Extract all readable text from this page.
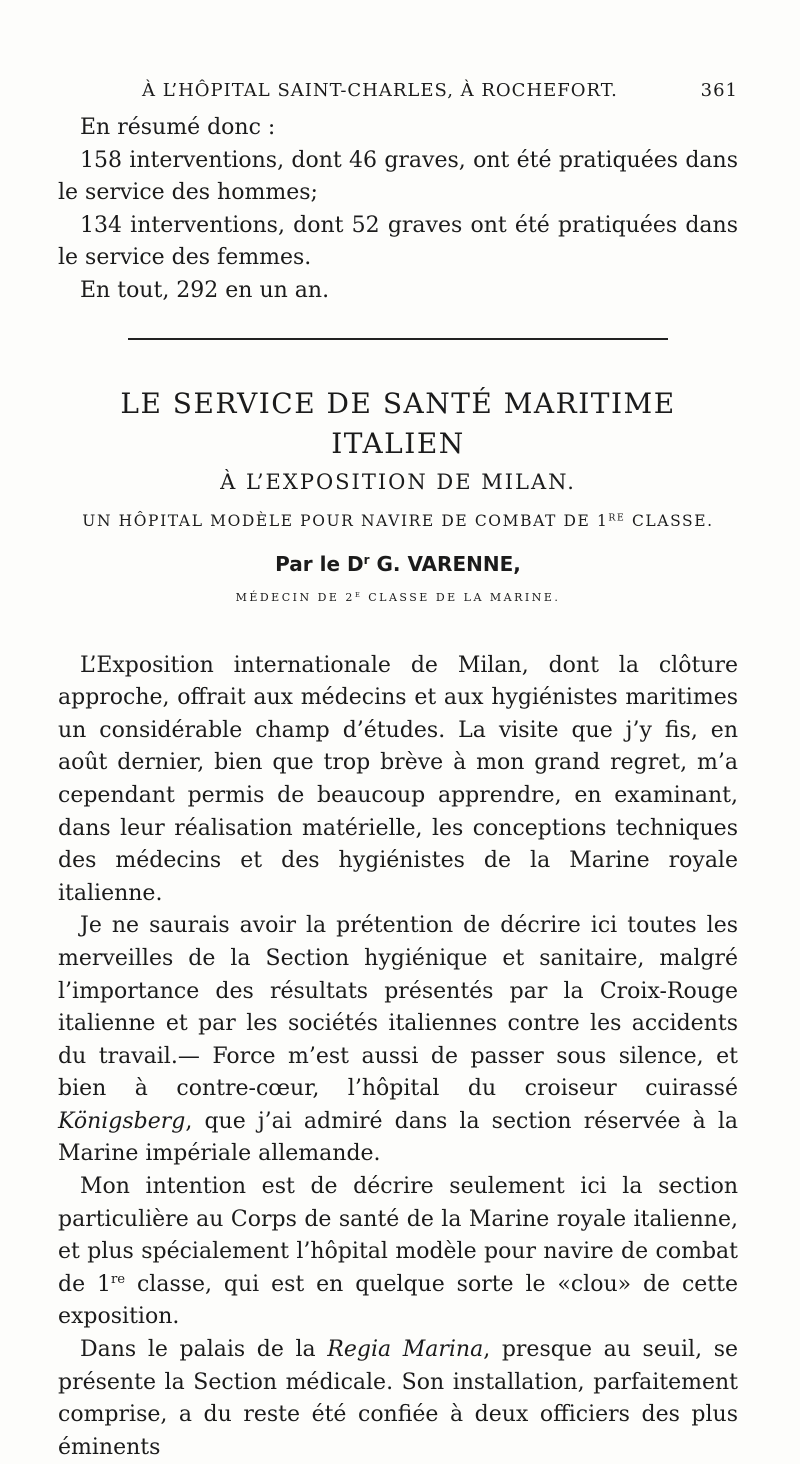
À L’HÔPITAL SAINT-CHARLES, À ROCHEFORT.	361

En résumé donc :

158 interventions, dont 46 graves, ont été pratiquées dans le service des hommes;

134 interventions, dont 52 graves ont été pratiquées dans le service des femmes.

En tout, 292 en un an.

LE SERVICE DE SANTÉ MARITIME ITALIEN
À L’EXPOSITION DE MILAN.
UN HÔPITAL MODÈLE POUR NAVIRE DE COMBAT DE 1RE CLASSE.
Par le $D^r$ G. VARENNE,
MÉDECIN DE $2^E$ CLASSE DE LA MARINE.

L’Exposition internationale de Milan, dont la clôture approche, offrait aux médecins et aux hygiénistes maritimes un considérable champ d’études. La visite que j’y fis, en août dernier, bien que trop brève à mon grand regret, m’a cependant permis de beaucoup apprendre, en examinant, dans leur réalisation matérielle, les conceptions techniques des médecins et des hygiénistes de la Marine royale italienne.

Je ne saurais avoir la prétention de décrire ici toutes les merveilles de la Section hygiénique et sanitaire, malgré l’importance des résultats présentés par la Croix-Rouge italienne et par les sociétés italiennes contre les accidents du travail.— Force m’est aussi de passer sous silence, et bien à contre-cœur, l’hôpital du croiseur cuirassé Königsberg, que j’ai admiré dans la section réservée à la Marine impériale allemande.

Mon intention est de décrire seulement ici la section particulière au Corps de santé de la Marine royale italienne, et plus spécialement l’hôpital modèle pour navire de combat de 1re classe, qui est en quelque sorte le «clou» de cette exposition.

Dans le palais de la Regia Marina, presque au seuil, se présente la Section médicale. Son installation, parfaitement comprise, a du reste été confiée à deux officiers des plus éminents
